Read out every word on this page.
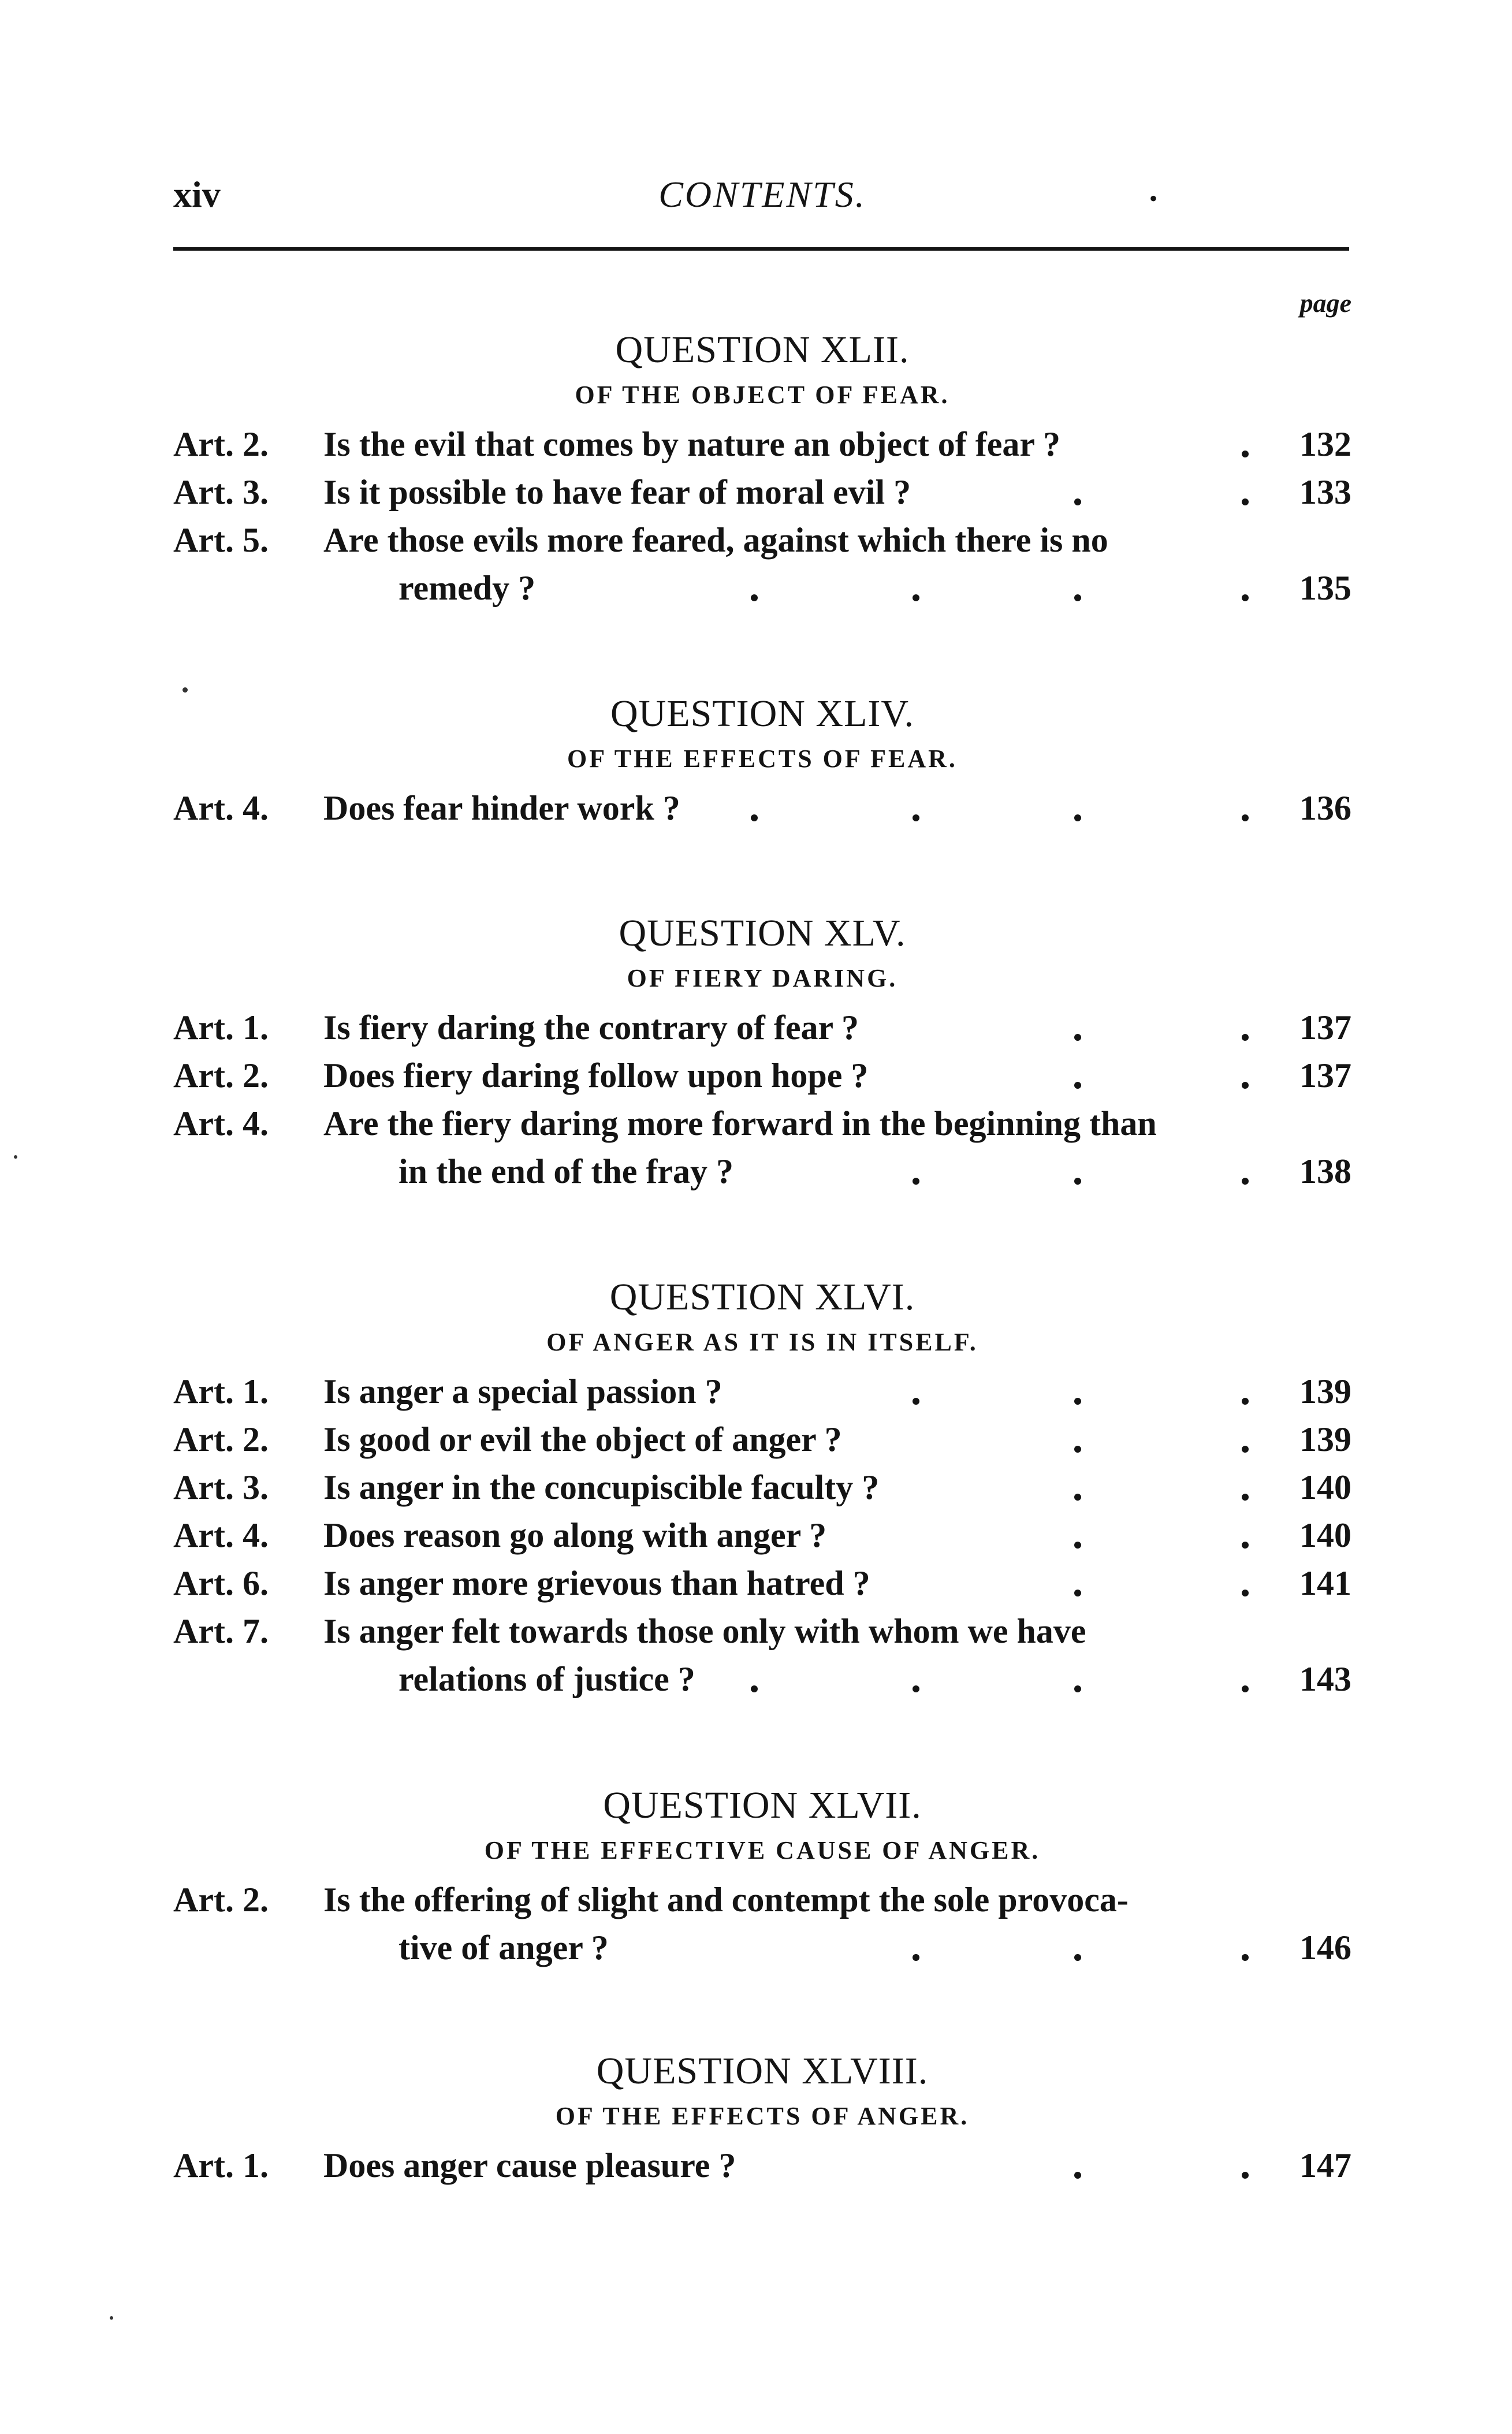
xiv	CONTENTS.	•
page
QUESTION XLII.
OF THE OBJECT OF FEAR.
Art. 2. Is the evil that comes by nature an object of fear ?	132
Art. 3. Is it possible to have fear of moral evil ?	133
Art. 5. Are those evils more feared, against which there is no
remedy ?	135
QUESTION XLIV.
OF THE EFFECTS OF FEAR.
Art. 4. Does fear hinder work ?	136
QUESTION XLV.
OF FIERY DARING.
Art. 1. Is fiery daring the contrary of fear ?	137
Art. 2. Does fiery daring follow upon hope ?	137
Art. 4. Are the fiery daring more forward in the beginning than
in the end of the fray ?	138
QUESTION XLVI.
OF ANGER AS IT IS IN ITSELF.
Art. 1. Is anger a special passion ?	139
Art. 2. Is good or evil the object of anger ?	139
Art. 3. Is anger in the concupiscible faculty ?	140
Art. 4. Does reason go along with anger ?	140
Art. 6. Is anger more grievous than hatred ?	141
Art. 7. Is anger felt towards those only with whom we have
relations of justice ?	143
QUESTION XLVII.
OF THE EFFECTIVE CAUSE OF ANGER.
Art. 2. Is the offering of slight and contempt the sole provoca-
tive of anger ?	146
QUESTION XLVIII.
OF THE EFFECTS OF ANGER.
Art. 1. Does anger cause pleasure ?	147
